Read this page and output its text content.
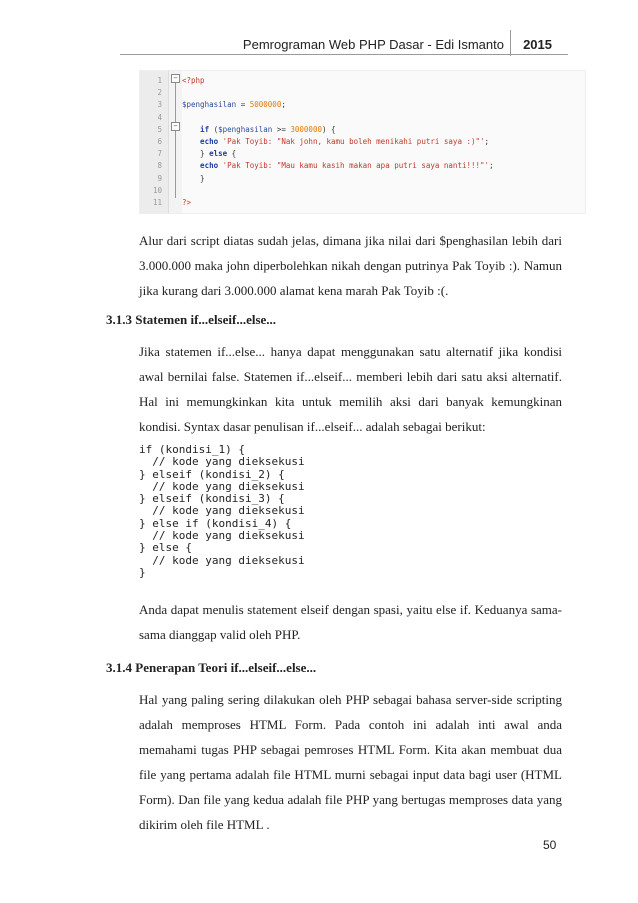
Pemrograman Web PHP Dasar - Edi Ismanto 2015
−
−
1	<?php
2
3	$penghasilan = 5000000;
4
5	if ($penghasilan >= 3000000) {
6	echo 'Pak Toyib: "Nak john, kamu boleh menikahi putri saya :)"';
7	} else {
8	echo 'Pak Toyib: "Mau kamu kasih makan apa putri saya nanti!!!"';
9	}
10
11	?>

Alur dari script diatas sudah jelas, dimana jika nilai dari $penghasilan lebih dari 3.000.000 maka john diperbolehkan nikah dengan putrinya Pak Toyib :). Namun jika kurang dari 3.000.000 alamat kena marah Pak Toyib :(.

3.1.3 Statemen if...elseif...else...

Jika statemen if...else... hanya dapat menggunakan satu alternatif jika kondisi awal bernilai false. Statemen if...elseif... memberi lebih dari satu aksi alternatif. Hal ini memungkinkan kita untuk memilih aksi dari banyak kemungkinan kondisi. Syntax dasar penulisan if...elseif... adalah sebagai berikut:

if (kondisi_1) {
// kode yang dieksekusi
} elseif (kondisi_2) {
// kode yang dieksekusi
} elseif (kondisi_3) {
// kode yang dieksekusi
} else if (kondisi_4) {
// kode yang dieksekusi
} else {
// kode yang dieksekusi
}

Anda dapat menulis statement elseif dengan spasi, yaitu else if. Keduanya sama-sama dianggap valid oleh PHP.

3.1.4 Penerapan Teori if...elseif...else...

Hal yang paling sering dilakukan oleh PHP sebagai bahasa server-side scripting adalah memproses HTML Form. Pada contoh ini adalah inti awal anda memahami tugas PHP sebagai pemroses HTML Form. Kita akan membuat dua file yang pertama adalah file HTML murni sebagai input data bagi user (HTML Form). Dan file yang kedua adalah file PHP yang bertugas memproses data yang dikirim oleh file HTML .

50
